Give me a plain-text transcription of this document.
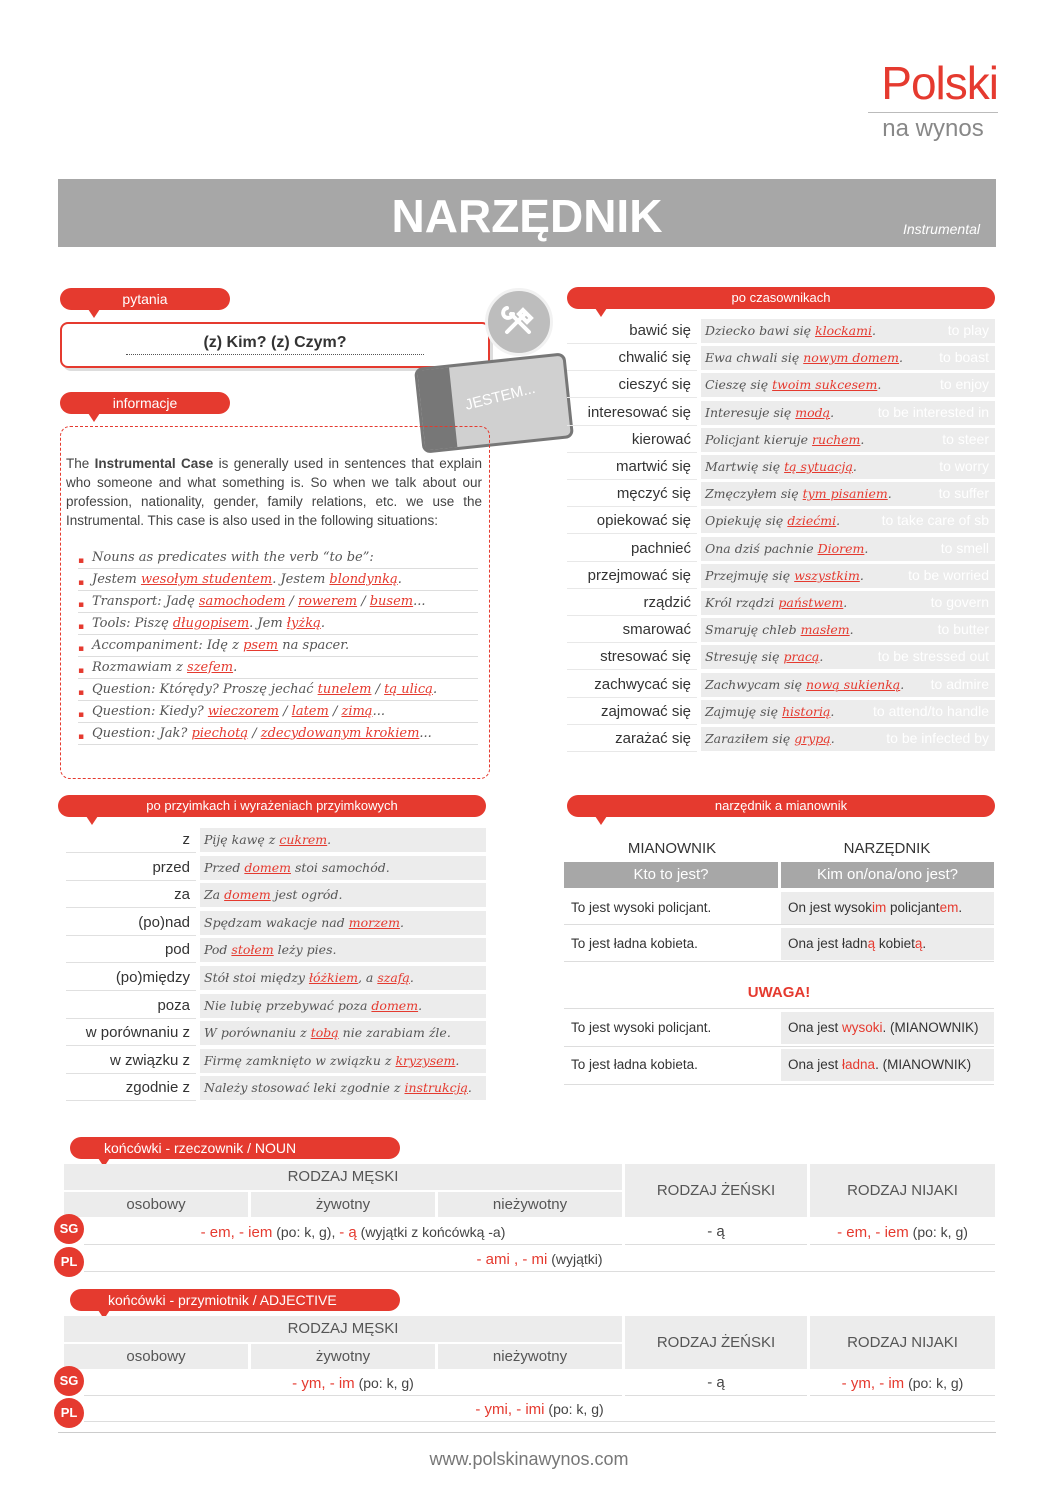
Polski
na wynos
NARZĘDNIK	Instrumental
pytania
(z) Kim? (z) Czym?
JESTEM...
informacje
The Instrumental Case is generally used in sentences that explain who someone and what something is. So when we talk about our profession, nationality, gender, family relations, etc. we use the Instrumental. This case is also used in the following situations:
▪ Nouns as predicates with the verb “to be”:
▪ Jestem wesołym studentem. Jestem blondynką.
▪ Transport: Jadę samochodem / rowerem / busem...
▪ Tools: Piszę długopisem. Jem łyżką.
▪ Accompaniment: Idę z psem na spacer.
▪ Rozmawiam z szefem.
▪ Question: Którędy? Proszę jechać tunelem / tą ulicą.
▪ Question: Kiedy? wieczorem / latem / zimą...
▪ Question: Jak? piechotą / zdecydowanym krokiem...
po czasownikach
bawić się	Dziecko bawi się klockami.	to play
chwalić się	Ewa chwali się nowym domem.	to boast
cieszyć się	Cieszę się twoim sukcesem.	to enjoy
interesować się	Interesuje się modą.	to be interested in
kierować	Policjant kieruje ruchem.	to steer
martwić się	Martwię się tą sytuacją.	to worry
męczyć się	Zmęczyłem się tym pisaniem.	to suffer
opiekować się	Opiekuję się dziećmi.	to take care of sb
pachnieć	Ona dziś pachnie Diorem.	to smell
przejmować się	Przejmuję się wszystkim.	to be worried
rządzić	Król rządzi państwem.	to govern
smarować	Smaruję chleb masłem.	to butter
stresować się	Stresuję się pracą.	to be stressed out
zachwycać się	Zachwycam się nową sukienką. to admire
zajmować się	Zajmuję się historią.	to attend/to handle
zarażać się	Zaraziłem się grypą.	to be infected by
po przyimkach i wyrażeniach przyimkowych
z	Piję kawę z cukrem.
przed	Przed domem stoi samochód.
za	Za domem jest ogród.
(po)nad	Spędzam wakacje nad morzem.
pod	Pod stołem leży pies.
(po)między	Stół stoi między łóżkiem, a szafą.
poza	Nie lubię przebywać poza domem.
w porównaniu z	W porównaniu z tobą nie zarabiam źle.
w związku z	Firmę zamknięto w związku z kryzysem.
zgodnie z	Należy stosować leki zgodnie z instrukcją.
narzędnik a mianownik
MIANOWNIK	NARZĘDNIK
Kto to jest?	Kim on/ona/ono jest?
To jest wysoki policjant.	On jest wysokim policjantem.
To jest ładna kobieta.	Ona jest ładną kobietą.
UWAGA!
To jest wysoki policjant.	Ona jest wysoki. (MIANOWNIK)
To jest ładna kobieta.	Ona jest ładna. (MIANOWNIK)
końcówki - rzeczownik / NOUN
RODZAJ MĘSKI
osobowy	żywotny	nieżywotny
RODZAJ ŻEŃSKI	RODZAJ NIJAKI
SG	- em, - iem (po: k, g), - ą (wyjątki z końcówką -a)	- ą	- em, - iem (po: k, g)
PL	- ami , - mi (wyjątki)
końcówki - przymiotnik / ADJECTIVE
RODZAJ MĘSKI
osobowy	żywotny	nieżywotny
RODZAJ ŻEŃSKI	RODZAJ NIJAKI
SG	- ym, - im (po: k, g)	- ą	- ym, - im (po: k, g)
PL	- ymi, - imi (po: k, g)
www.polskinawynos.com
